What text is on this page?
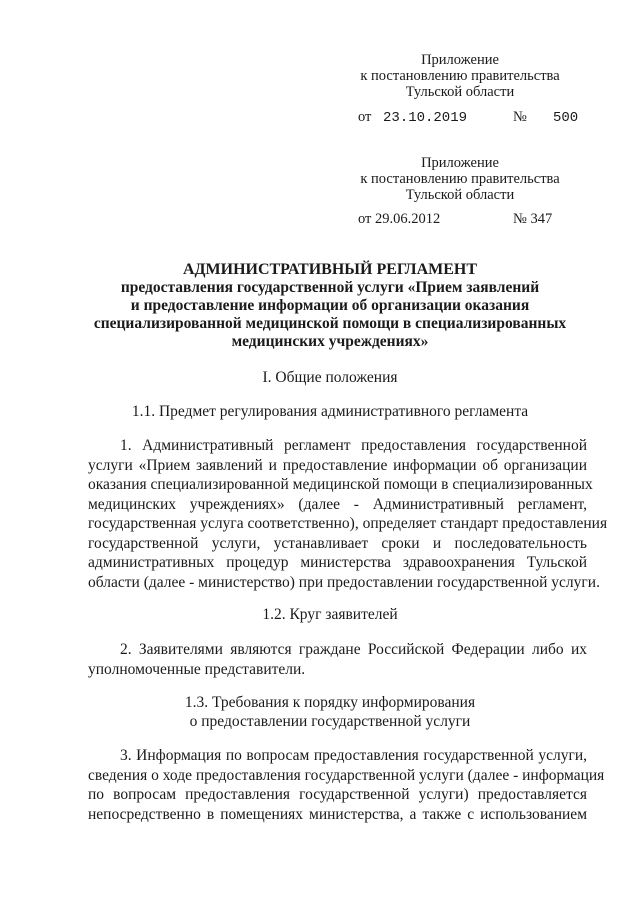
Приложение
к постановлению правительства
Тульской области
от 23.10.2019	№ 500
Приложение
к постановлению правительства
Тульской области
от 29.06.2012	№ 347
АДМИНИСТРАТИВНЫЙ РЕГЛАМЕНТ
предоставления государственной услуги «Прием заявлений
и предоставление информации об организации оказания
специализированной медицинской помощи в специализированных
медицинских учреждениях»
I. Общие положения
1.1. Предмет регулирования административного регламента
1. Административный регламент предоставления государственной
услуги «Прием заявлений и предоставление информации об организации
оказания специализированной медицинской помощи в специализированных
медицинских учреждениях» (далее - Административный регламент,
государственная услуга соответственно), определяет стандарт предоставления
государственной услуги, устанавливает сроки и последовательность
административных процедур министерства здравоохранения Тульской
области (далее - министерство) при предоставлении государственной услуги.
1.2. Круг заявителей
2. Заявителями являются граждане Российской Федерации либо их
уполномоченные представители.
1.3. Требования к порядку информирования
о предоставлении государственной услуги
3. Информация по вопросам предоставления государственной услуги,
сведения о ходе предоставления государственной услуги (далее - информация
по вопросам предоставления государственной услуги) предоставляется
непосредственно в помещениях министерства, а также с использованием
